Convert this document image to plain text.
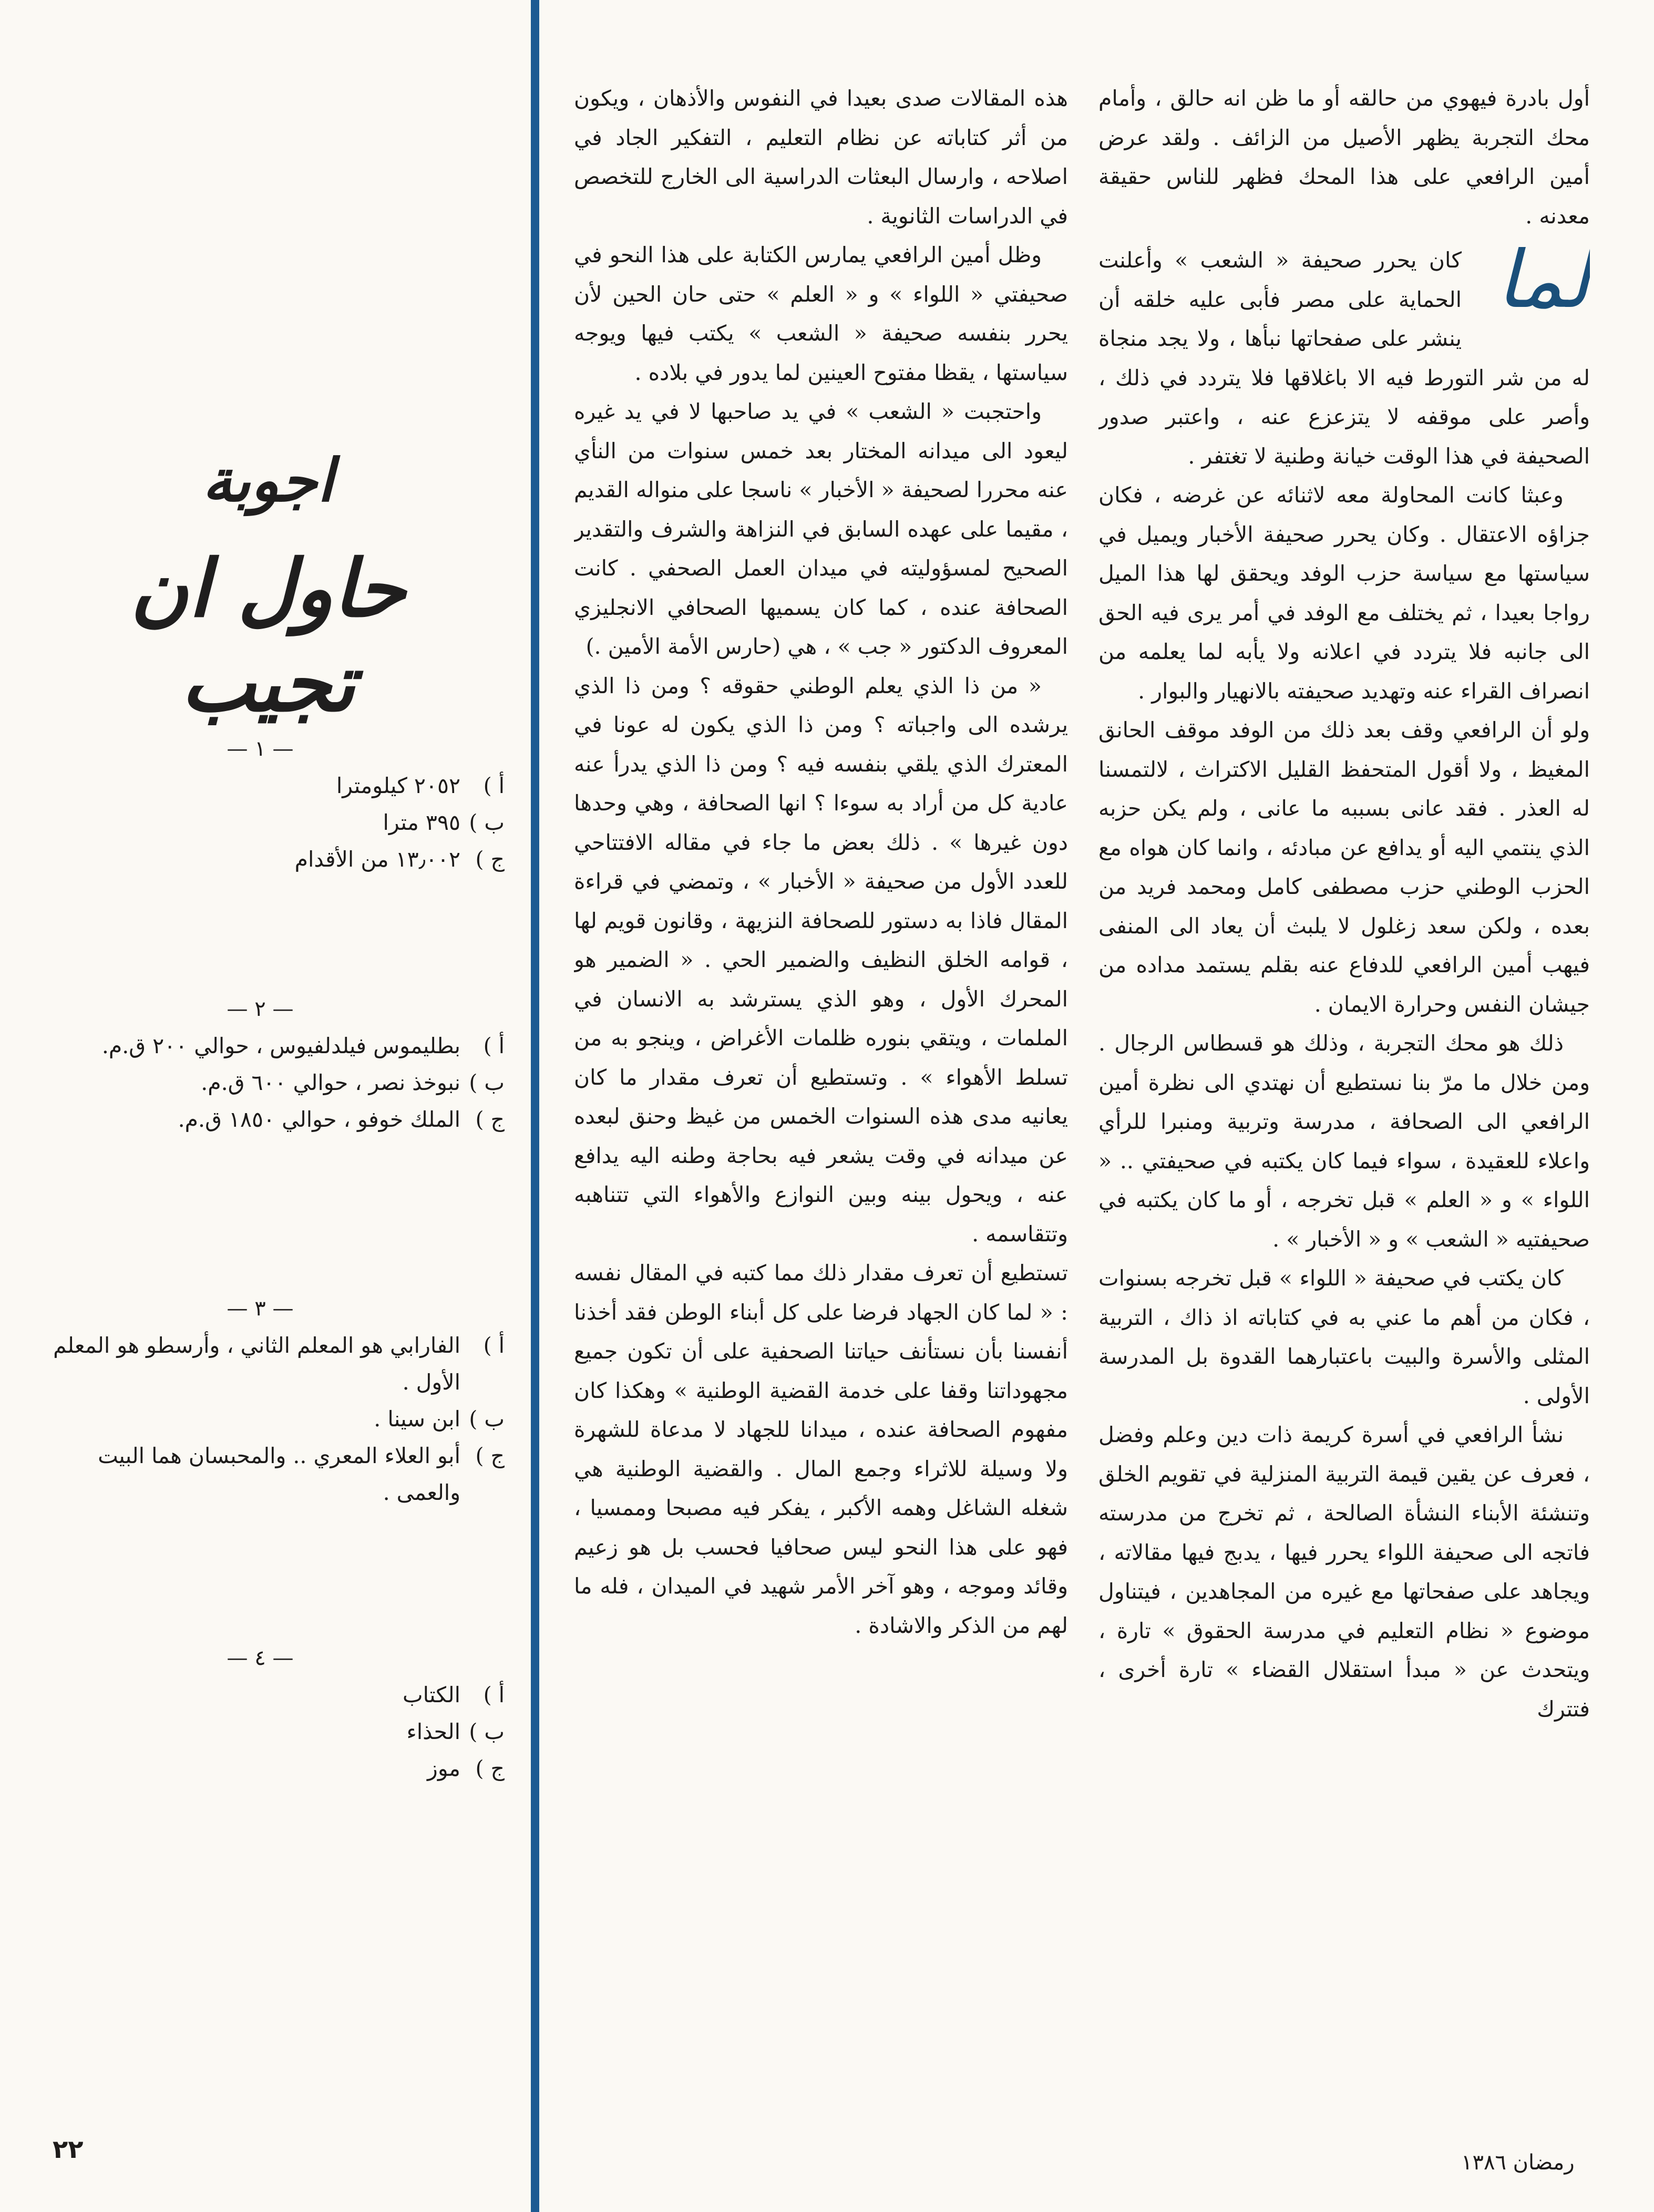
اجوبة
حاول ان تجيب
— ١ —
أ )
٢٠٥٢ كيلومترا
ب )
٣٩٥ مترا
ج )
١٣٫٠٠٢ من الأقدام
— ٢ —
أ )
بطليموس فيلدلفيوس ، حوالي ٢٠٠ ق.م.
ب )
نبوخذ نصر ، حوالي ٦٠٠ ق.م.
ج )
الملك خوفو ، حوالي ١٨٥٠ ق.م.
— ٣ —
أ )
الفارابي هو المعلم الثاني ، وأرسطو هو المعلم الأول .
ب )
ابن سينا .
ج )
أبو العلاء المعري .. والمحبسان هما البيت والعمى .
— ٤ —
أ )
الكتاب
ب )
الحذاء
ج )
موز

هذه المقالات صدى بعيدا في النفوس والأذهان ، ويكون من أثر كتاباته عن نظام التعليم ، التفكير الجاد في اصلاحه ، وارسال البعثات الدراسية الى الخارج للتخصص في الدراسات الثانوية .

وظل أمين الرافعي يمارس الكتابة على هذا النحو في صحيفتي « اللواء » و « العلم » حتى حان الحين لأن يحرر بنفسه صحيفة « الشعب » يكتب فيها ويوجه سياستها ، يقظا مفتوح العينين لما يدور في بلاده .

واحتجبت « الشعب » في يد صاحبها لا في يد غيره ليعود الى ميدانه المختار بعد خمس سنوات من النأي عنه محررا لصحيفة « الأخبار » ناسجا على منواله القديم ، مقيما على عهده السابق في النزاهة والشرف والتقدير الصحيح لمسؤوليته في ميدان العمل الصحفي . كانت الصحافة عنده ، كما كان يسميها الصحافي الانجليزي المعروف الدكتور « جب » ، هي (حارس الأمة الأمين .)

« من ذا الذي يعلم الوطني حقوقه ؟ ومن ذا الذي يرشده الى واجباته ؟ ومن ذا الذي يكون له عونا في المعترك الذي يلقي بنفسه فيه ؟ ومن ذا الذي يدرأ عنه عادية كل من أراد به سوءا ؟ انها الصحافة ، وهي وحدها دون غيرها » . ذلك بعض ما جاء في مقاله الافتتاحي للعدد الأول من صحيفة « الأخبار » ، وتمضي في قراءة المقال فاذا به دستور للصحافة النزيهة ، وقانون قويم لها ، قوامه الخلق النظيف والضمير الحي . « الضمير هو المحرك الأول ، وهو الذي يسترشد به الانسان في الملمات ، ويتقي بنوره ظلمات الأغراض ، وينجو به من تسلط الأهواء » . وتستطيع أن تعرف مقدار ما كان يعانيه مدى هذه السنوات الخمس من غيظ وحنق لبعده عن ميدانه في وقت يشعر فيه بحاجة وطنه اليه يدافع عنه ، ويحول بينه وبين النوازع والأهواء التي تتناهبه وتتقاسمه .

تستطيع أن تعرف مقدار ذلك مما كتبه في المقال نفسه : « لما كان الجهاد فرضا على كل أبناء الوطن فقد أخذنا أنفسنا بأن نستأنف حياتنا الصحفية على أن تكون جميع مجهوداتنا وقفا على خدمة القضية الوطنية » وهكذا كان مفهوم الصحافة عنده ، ميدانا للجهاد لا مدعاة للشهرة ولا وسيلة للاثراء وجمع المال . والقضية الوطنية هي شغله الشاغل وهمه الأكبر ، يفكر فيه مصبحا وممسيا ، فهو على هذا النحو ليس صحافيا فحسب بل هو زعيم وقائد وموجه ، وهو آخر الأمر شهيد في الميدان ، فله ما لهم من الذكر والاشادة .

أول بادرة فيهوي من حالقه أو ما ظن انه حالق ، وأمام محك التجربة يظهر الأصيل من الزائف . ولقد عرض أمين الرافعي على هذا المحك فظهر للناس حقيقة معدنه .

لما
كان يحرر صحيفة « الشعب » وأعلنت الحماية على مصر فأبى عليه خلقه أن ينشر على صفحاتها نبأها ، ولا يجد منجاة له من شر التورط فيه الا باغلاقها فلا يتردد في ذلك ، وأصر على موقفه لا يتزعزع عنه ، واعتبر صدور الصحيفة في هذا الوقت خيانة وطنية لا تغتفر .

وعبثا كانت المحاولة معه لاثنائه عن غرضه ، فكان جزاؤه الاعتقال . وكان يحرر صحيفة الأخبار ويميل في سياستها مع سياسة حزب الوفد ويحقق لها هذا الميل رواجا بعيدا ، ثم يختلف مع الوفد في أمر يرى فيه الحق الى جانبه فلا يتردد في اعلانه ولا يأبه لما يعلمه من انصراف القراء عنه وتهديد صحيفته بالانهيار والبوار .

ولو أن الرافعي وقف بعد ذلك من الوفد موقف الحانق المغيظ ، ولا أقول المتحفظ القليل الاكتراث ، لالتمسنا له العذر . فقد عانى بسببه ما عانى ، ولم يكن حزبه الذي ينتمي اليه أو يدافع عن مبادئه ، وانما كان هواه مع الحزب الوطني حزب مصطفى كامل ومحمد فريد من بعده ، ولكن سعد زغلول لا يلبث أن يعاد الى المنفى فيهب أمين الرافعي للدفاع عنه بقلم يستمد مداده من جيشان النفس وحرارة الايمان .

ذلك هو محك التجربة ، وذلك هو قسطاس الرجال . ومن خلال ما مرّ بنا نستطيع أن نهتدي الى نظرة أمين الرافعي الى الصحافة ، مدرسة وتربية ومنبرا للرأي واعلاء للعقيدة ، سواء فيما كان يكتبه في صحيفتي .. « اللواء » و « العلم » قبل تخرجه ، أو ما كان يكتبه في صحيفتيه « الشعب » و « الأخبار » .

كان يكتب في صحيفة « اللواء » قبل تخرجه بسنوات ، فكان من أهم ما عني به في كتاباته اذ ذاك ، التربية المثلى والأسرة والبيت باعتبارهما القدوة بل المدرسة الأولى .

نشأ الرافعي في أسرة كريمة ذات دين وعلم وفضل ، فعرف عن يقين قيمة التربية المنزلية في تقويم الخلق وتنشئة الأبناء النشأة الصالحة ، ثم تخرج من مدرسته فاتجه الى صحيفة اللواء يحرر فيها ، يدبج فيها مقالاته ، ويجاهد على صفحاتها مع غيره من المجاهدين ، فيتناول موضوع « نظام التعليم في مدرسة الحقوق » تارة ، ويتحدث عن « مبدأ استقلال القضاء » تارة أخرى ، فتترك

٢٢	رمضان ١٣٨٦
